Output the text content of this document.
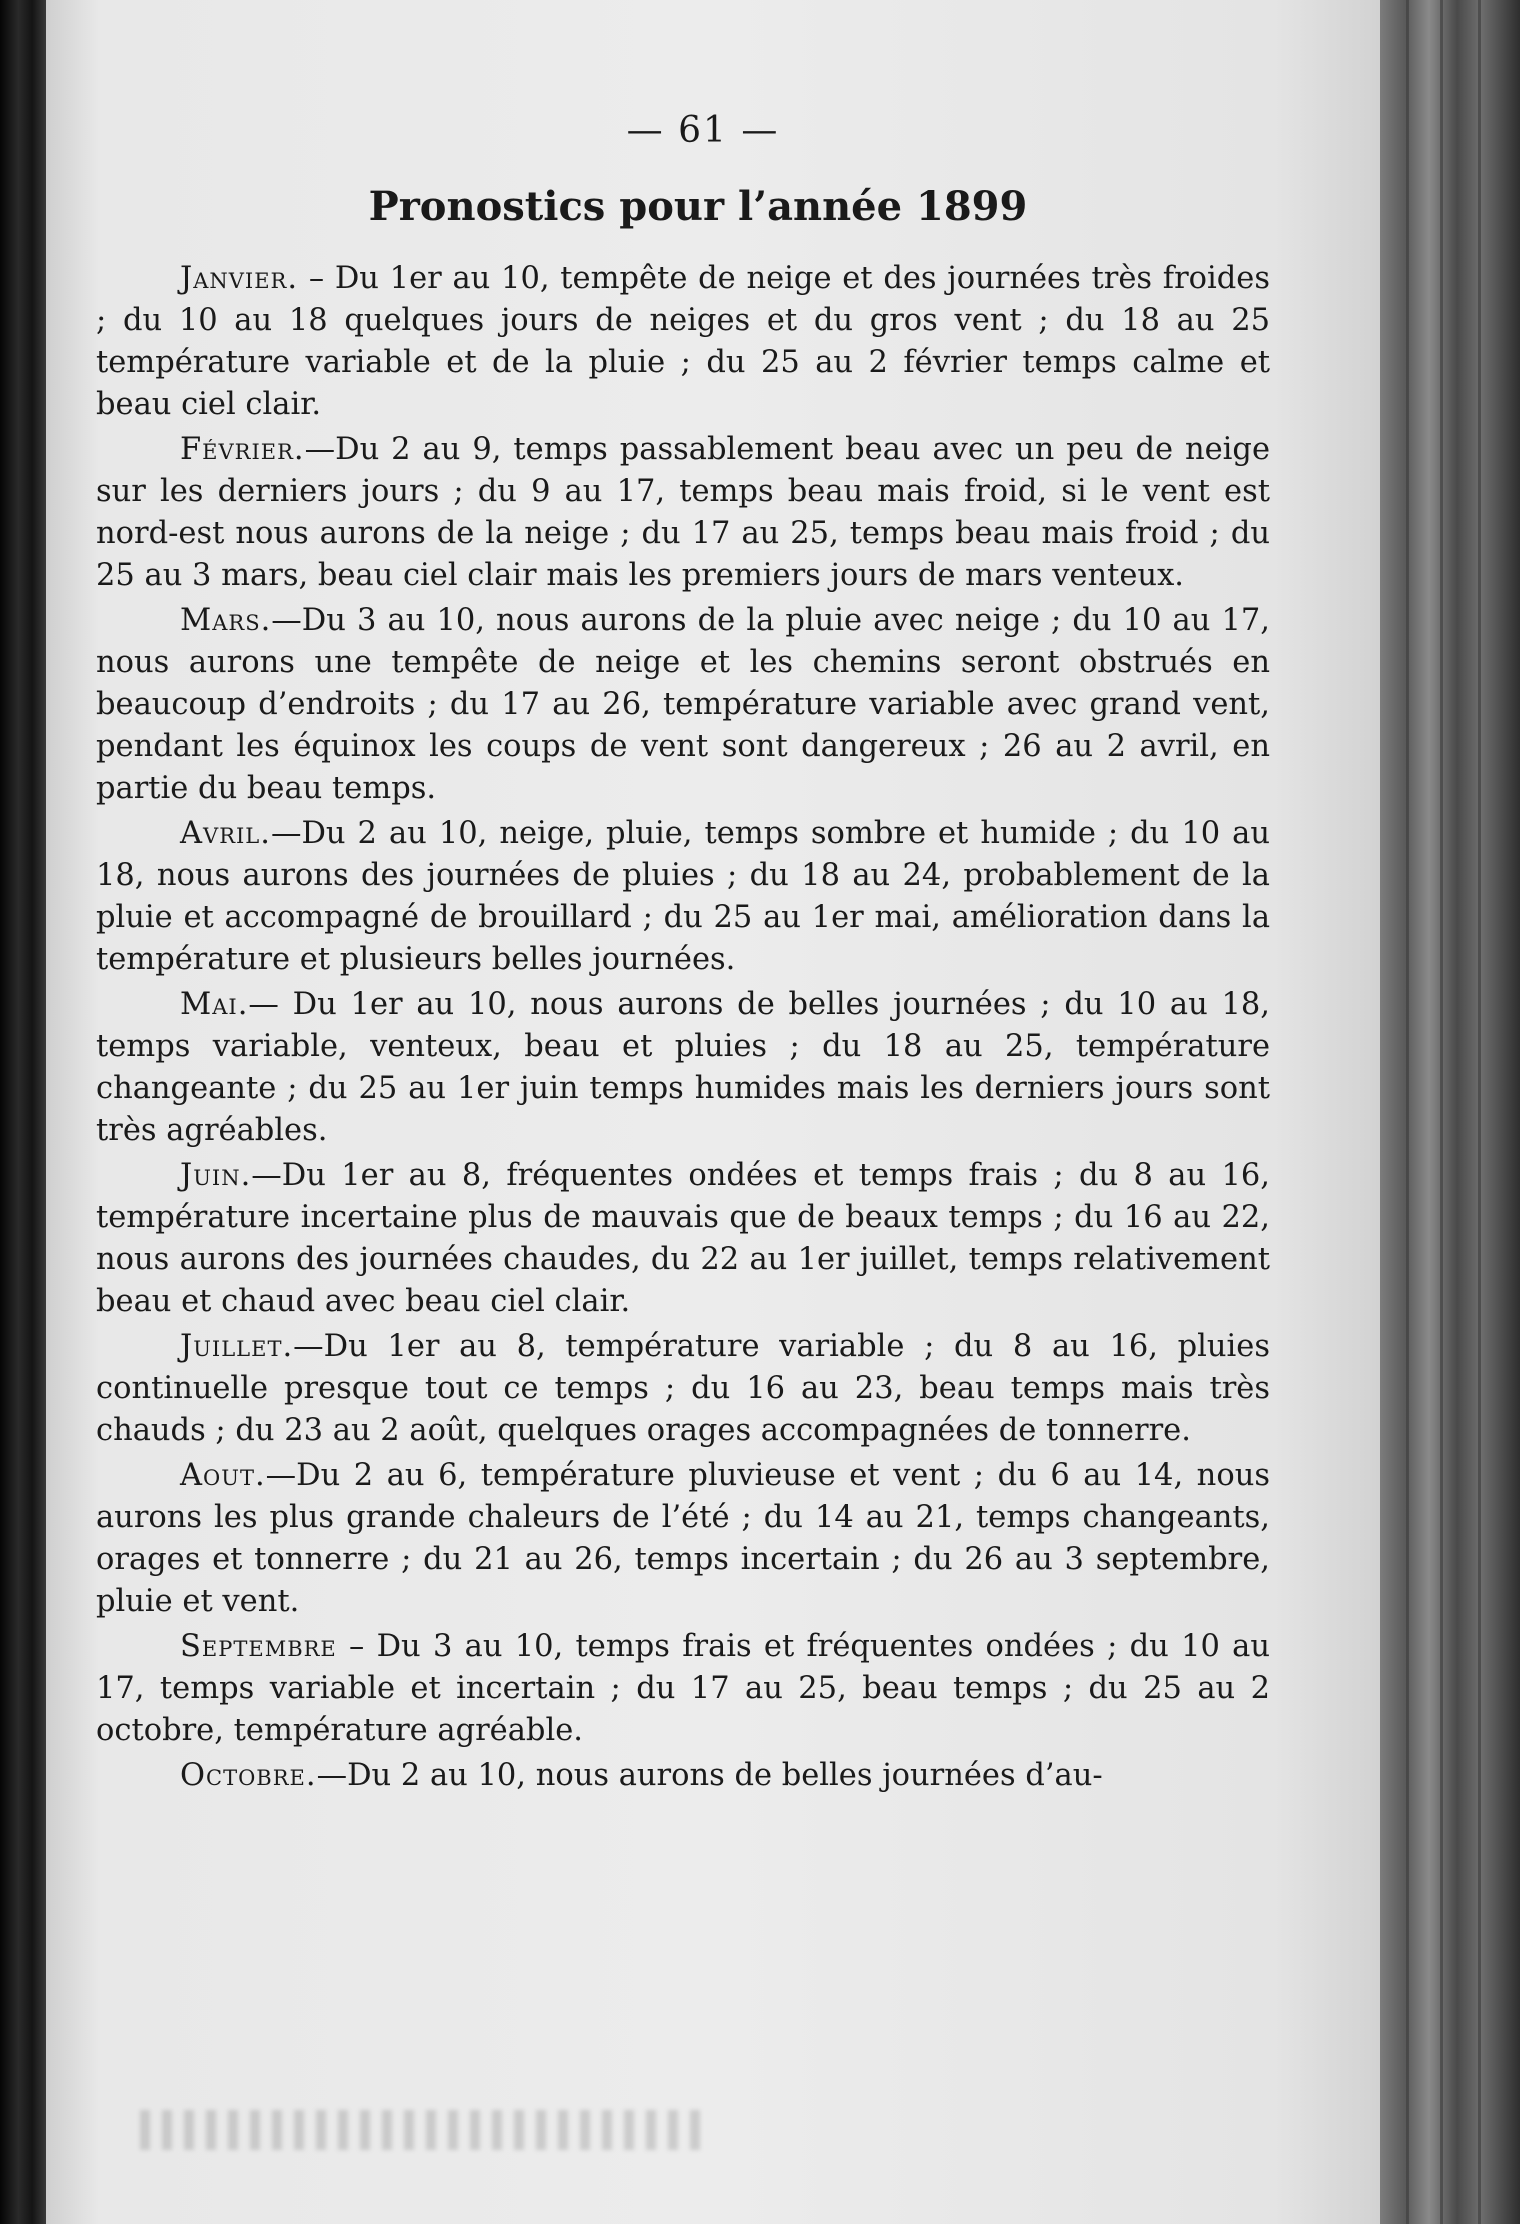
— 61 —
Pronostics pour l’année 1899

Janvier. – Du 1er au 10, tempête de neige et des journées très froides ; du 10 au 18 quelques jours de neiges et du gros vent ; du 18 au 25 température variable et de la pluie ; du 25 au 2 février temps calme et beau ciel clair.

Février.—Du 2 au 9, temps passablement beau avec un peu de neige sur les derniers jours ; du 9 au 17, temps beau mais froid, si le vent est nord-est nous aurons de la neige ; du 17 au 25, temps beau mais froid ; du 25 au 3 mars, beau ciel clair mais les premiers jours de mars venteux.

Mars.—Du 3 au 10, nous aurons de la pluie avec neige ; du 10 au 17, nous aurons une tempête de neige et les chemins seront obstrués en beaucoup d’endroits ; du 17 au 26, température variable avec grand vent, pendant les équinox les coups de vent sont dangereux ; 26 au 2 avril, en partie du beau temps.

Avril.—Du 2 au 10, neige, pluie, temps sombre et humide ; du 10 au 18, nous aurons des journées de pluies ; du 18 au 24, probablement de la pluie et accompagné de brouillard ; du 25 au 1er mai, amélioration dans la température et plusieurs belles journées.

Mai.— Du 1er au 10, nous aurons de belles journées ; du 10 au 18, temps variable, venteux, beau et pluies ; du 18 au 25, température changeante ; du 25 au 1er juin temps humides mais les derniers jours sont très agréables.

Juin.—Du 1er au 8, fréquentes ondées et temps frais ; du 8 au 16, température incertaine plus de mauvais que de beaux temps ; du 16 au 22, nous aurons des journées chaudes, du 22 au 1er juillet, temps relativement beau et chaud avec beau ciel clair.

Juillet.—Du 1er au 8, température variable ; du 8 au 16, pluies continuelle presque tout ce temps ; du 16 au 23, beau temps mais très chauds ; du 23 au 2 août, quelques orages accompagnées de tonnerre.

Aout.—Du 2 au 6, température pluvieuse et vent ; du 6 au 14, nous aurons les plus grande chaleurs de l’été ; du 14 au 21, temps changeants, orages et tonnerre ; du 21 au 26, temps incertain ; du 26 au 3 septembre, pluie et vent.

Septembre – Du 3 au 10, temps frais et fréquentes ondées ; du 10 au 17, temps variable et incertain ; du 17 au 25, beau temps ; du 25 au 2 octobre, température agréable.

Octobre.—Du 2 au 10, nous aurons de belles journées d’au-
